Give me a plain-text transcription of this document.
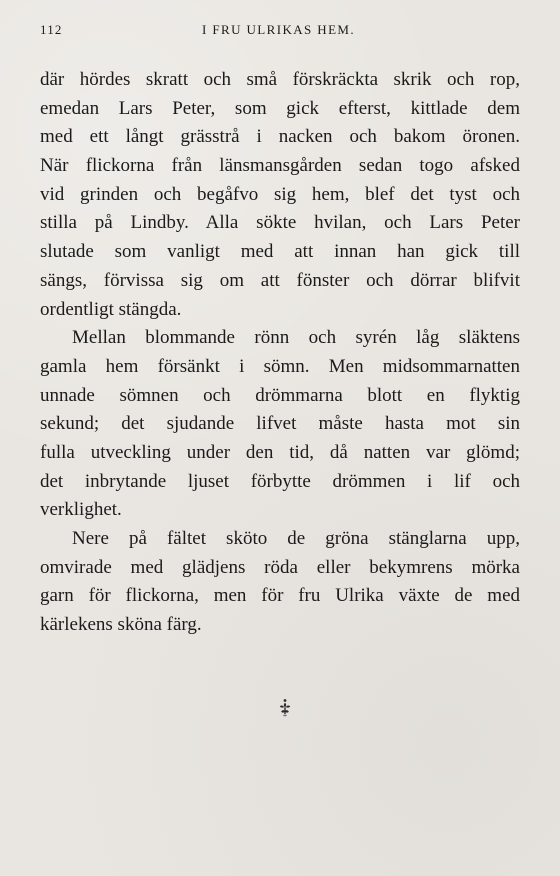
112	I FRU ULRIKAS HEM.
där hördes skratt och små förskräckta skrik och rop,
emedan Lars Peter, som gick efterst, kittlade dem
med ett långt grässtrå i nacken och bakom öronen.
När flickorna från länsmansgården sedan togo afsked
vid grinden och begåfvo sig hem, blef det tyst och
stilla på Lindby. Alla sökte hvilan, och Lars Peter
slutade som vanligt med att innan han gick till
sängs, förvissa sig om att fönster och dörrar blifvit
ordentligt stängda.
Mellan blommande rönn och syrén låg släktens
gamla hem försänkt i sömn. Men midsommarnatten
unnade sömnen och drömmarna blott en flyktig
sekund; det sjudande lifvet måste hasta mot sin
fulla utveckling under den tid, då natten var glömd;
det inbrytande ljuset förbytte drömmen i lif och
verklighet.
Nere på fältet sköto de gröna stänglarna upp,
omvirade med glädjens röda eller bekymrens mörka
garn för flickorna, men för fru Ulrika växte de med
kärlekens sköna färg.
